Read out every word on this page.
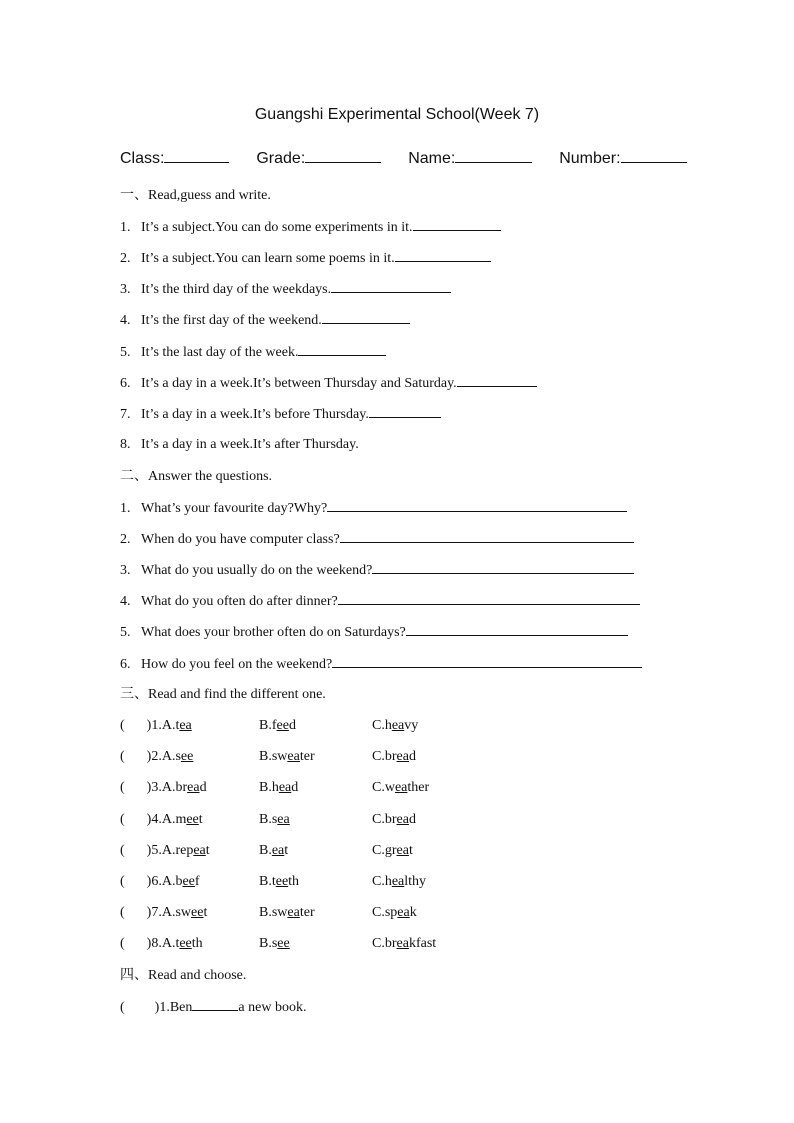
Guangshi Experimental School(Week 7)
Class:	Grade:	Name:	Number:
一、Read,guess and write.
1. It’s a subject.You can do some experiments in it.
2. It’s a subject.You can learn some poems in it.
3. It’s the third day of the weekdays.
4. It’s the first day of the weekend.
5. It’s the last day of the week.
6. It’s a day in a week.It’s between Thursday and Saturday.
7. It’s a day in a week.It’s before Thursday.
8. It’s a day in a week.It’s after Thursday.
二、Answer the questions.
1. What’s your favourite day?Why?
2. When do you have computer class?
3. What do you usually do on the weekend?
4. What do you often do after dinner?
5. What does your brother often do on Saturdays?
6. How do you feel on the weekend?
三、Read and find the different one.
( )1.A.tea	B.feed	C.heavy
( )2.A.see	B.sweater	C.bread
( )3.A.bread	B.head	C.weather
( )4.A.meet	B.sea	C.bread
( )5.A.repeat	B.eat	C.great
( )6.A.beef	B.teeth	C.healthy
( )7.A.sweet	B.sweater	C.speak
( )8.A.teeth	B.see	C.breakfast
四、Read and choose.
( )1.Ben	a new book.
